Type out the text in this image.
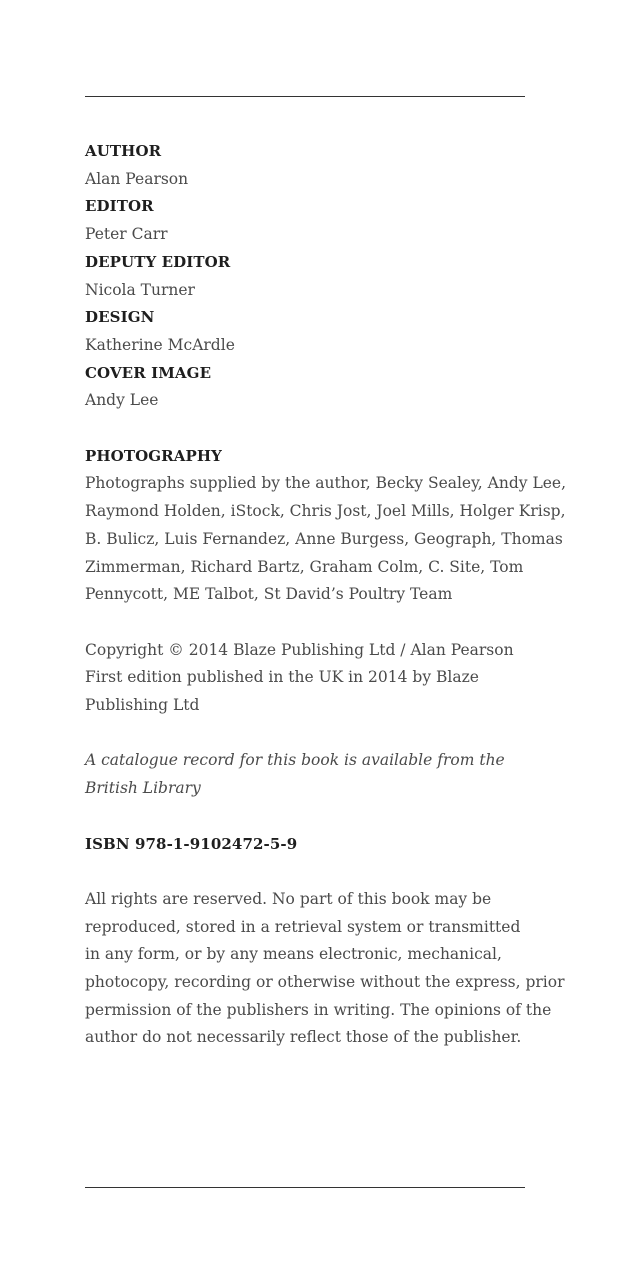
AUTHOR

Alan Pearson

EDITOR

Peter Carr

DEPUTY EDITOR

Nicola Turner

DESIGN

Katherine McArdle

COVER IMAGE

Andy Lee

PHOTOGRAPHY

Photographs supplied by the author, Becky Sealey, Andy Lee,

Raymond Holden, iStock, Chris Jost, Joel Mills, Holger Krisp,

B. Bulicz, Luis Fernandez, Anne Burgess, Geograph, Thomas

Zimmerman, Richard Bartz, Graham Colm, C. Site, Tom

Pennycott, ME Talbot, St David’s Poultry Team

Copyright © 2014 Blaze Publishing Ltd / Alan Pearson

First edition published in the UK in 2014 by Blaze

Publishing Ltd

A catalogue record for this book is available from the

British Library

ISBN 978-1-9102472-5-9

All rights are reserved. No part of this book may be

reproduced, stored in a retrieval system or transmitted

in any form, or by any means electronic, mechanical,

photocopy, recording or otherwise without the express, prior

permission of the publishers in writing. The opinions of the

author do not necessarily reflect those of the publisher.
